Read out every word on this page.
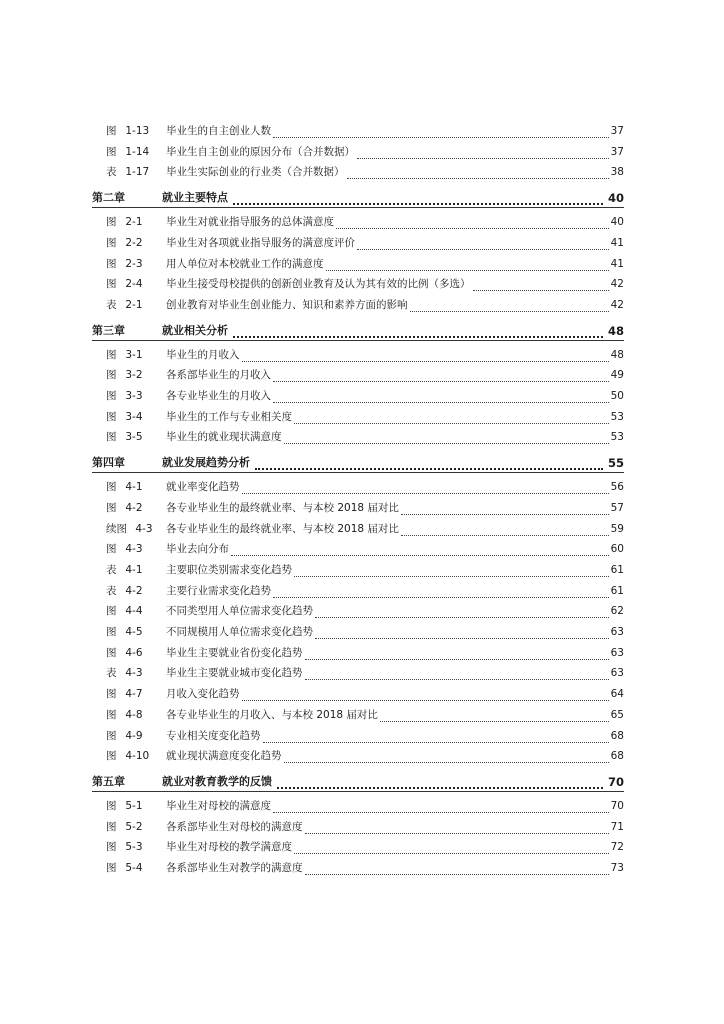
图 1-13	毕业生的自主创业人数	37
图 1-14	毕业生自主创业的原因分布（合并数据）	37
表 1-17	毕业生实际创业的行业类（合并数据）	38
第二章	就业主要特点	40
图 2-1	毕业生对就业指导服务的总体满意度	40
图 2-2	毕业生对各项就业指导服务的满意度评价	41
图 2-3	用人单位对本校就业工作的满意度	41
图 2-4	毕业生接受母校提供的创新创业教育及认为其有效的比例（多选）	42
表 2-1	创业教育对毕业生创业能力、知识和素养方面的影响	42
第三章	就业相关分析	48
图 3-1	毕业生的月收入	48
图 3-2	各系部毕业生的月收入	49
图 3-3	各专业毕业生的月收入	50
图 3-4	毕业生的工作与专业相关度	53
图 3-5	毕业生的就业现状满意度	53
第四章	就业发展趋势分析	55
图 4-1	就业率变化趋势	56
图 4-2	各专业毕业生的最终就业率、与本校 2018 届对比	57
续图 4-3	各专业毕业生的最终就业率、与本校 2018 届对比	59
图 4-3	毕业去向分布	60
表 4-1	主要职位类别需求变化趋势	61
表 4-2	主要行业需求变化趋势	61
图 4-4	不同类型用人单位需求变化趋势	62
图 4-5	不同规模用人单位需求变化趋势	63
图 4-6	毕业生主要就业省份变化趋势	63
表 4-3	毕业生主要就业城市变化趋势	63
图 4-7	月收入变化趋势	64
图 4-8	各专业毕业生的月收入、与本校 2018 届对比	65
图 4-9	专业相关度变化趋势	68
图 4-10	就业现状满意度变化趋势	68
第五章	就业对教育教学的反馈	70
图 5-1	毕业生对母校的满意度	70
图 5-2	各系部毕业生对母校的满意度	71
图 5-3	毕业生对母校的教学满意度	72
图 5-4	各系部毕业生对教学的满意度	73
